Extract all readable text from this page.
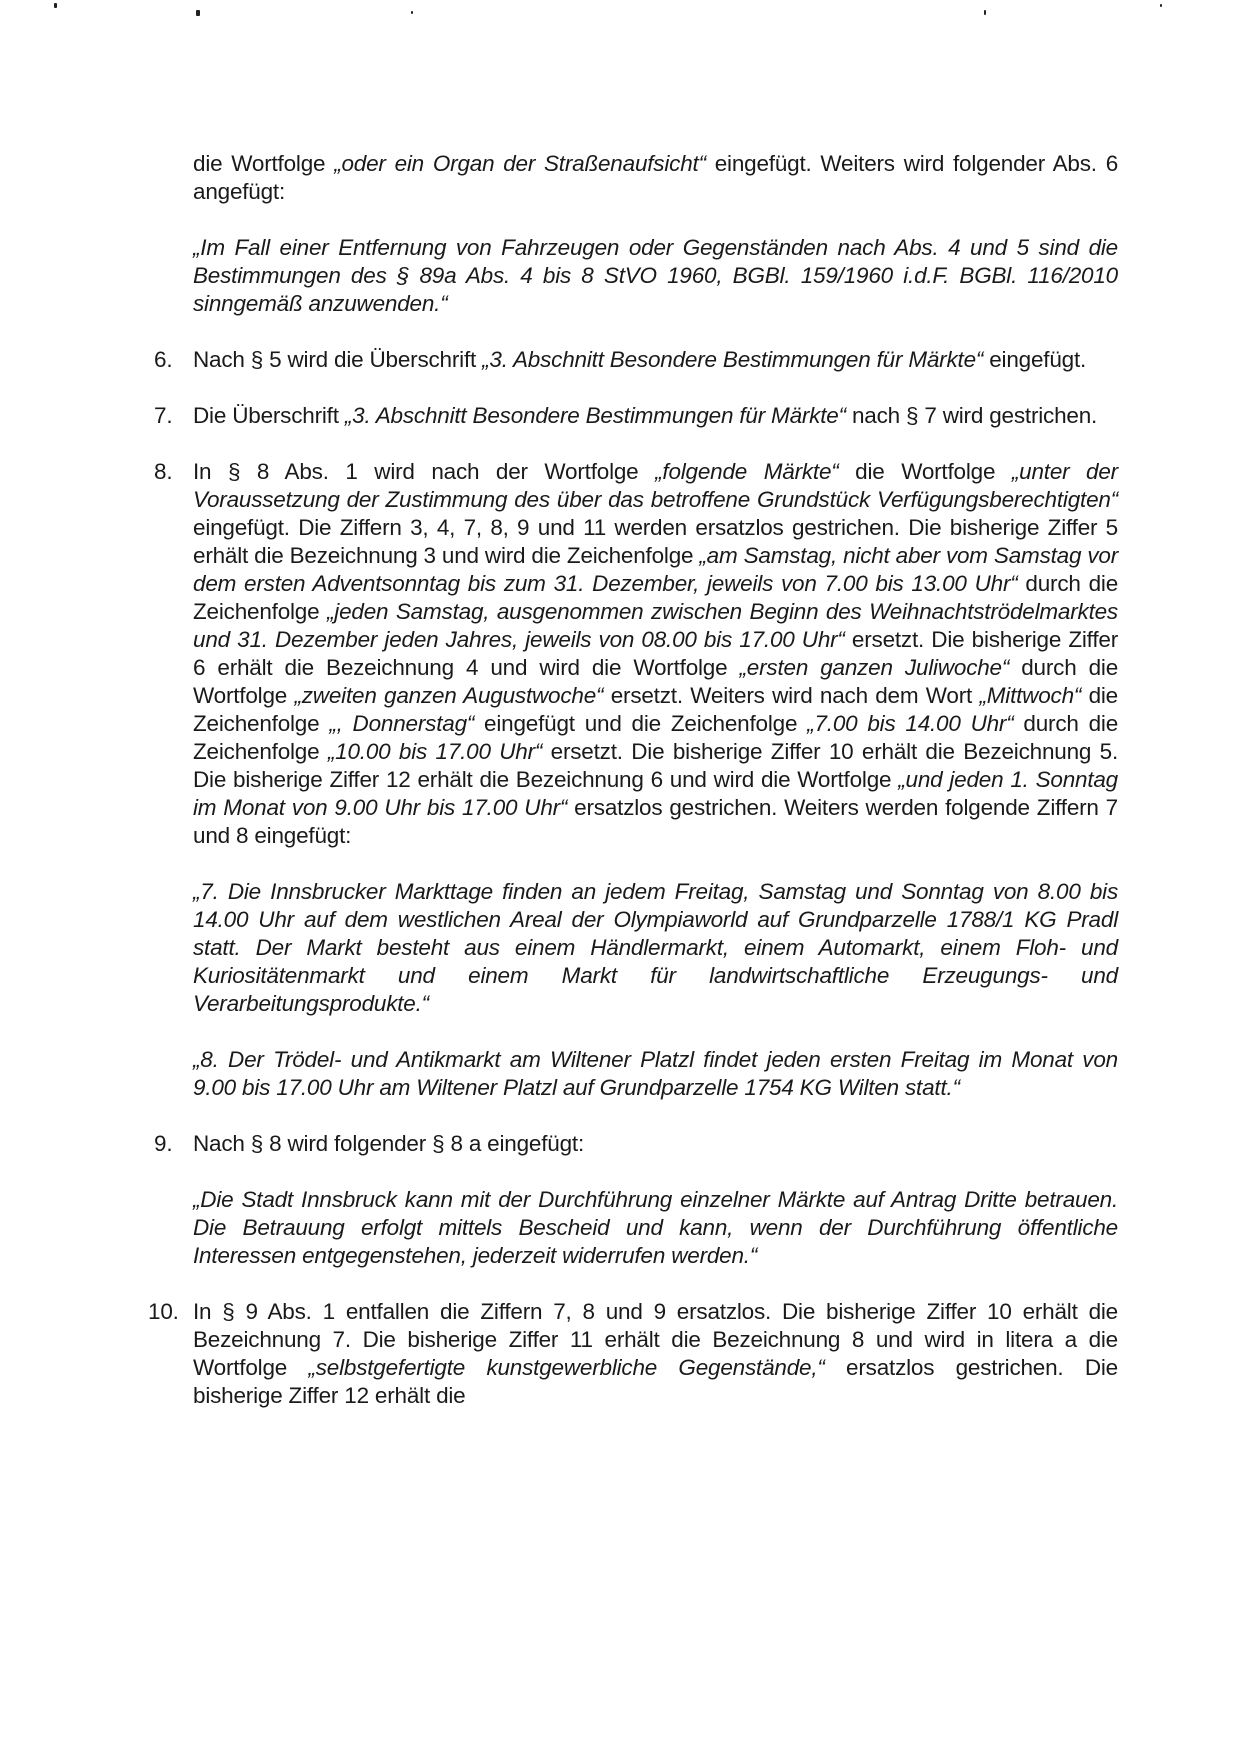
die Wortfolge „oder ein Organ der Straßenaufsicht“ eingefügt. Weiters wird folgender Abs. 6 angefügt:

„Im Fall einer Entfernung von Fahrzeugen oder Gegenständen nach Abs. 4 und 5 sind die Bestimmungen des § 89a Abs. 4 bis 8 StVO 1960, BGBl. 159/1960 i.d.F. BGBl. 116/2010 sinngemäß anzuwenden.“

6. Nach § 5 wird die Überschrift „3. Abschnitt Besondere Bestimmungen für Märkte“ eingefügt.

7. Die Überschrift „3. Abschnitt Besondere Bestimmungen für Märkte“ nach § 7 wird gestrichen.

8. In § 8 Abs. 1 wird nach der Wortfolge „folgende Märkte“ die Wortfolge „unter der Voraussetzung der Zustimmung des über das betroffene Grundstück Verfügungsberechtigten“ eingefügt. Die Ziffern 3, 4, 7, 8, 9 und 11 werden ersatzlos gestrichen. Die bisherige Ziffer 5 erhält die Bezeichnung 3 und wird die Zeichenfolge „am Samstag, nicht aber vom Samstag vor dem ersten Adventsonntag bis zum 31. Dezember, jeweils von 7.00 bis 13.00 Uhr“ durch die Zeichenfolge „jeden Samstag, ausgenommen zwischen Beginn des Weihnachtströdelmarktes und 31. Dezember jeden Jahres, jeweils von 08.00 bis 17.00 Uhr“ ersetzt. Die bisherige Ziffer 6 erhält die Bezeichnung 4 und wird die Wortfolge „ersten ganzen Juliwoche“ durch die Wortfolge „zweiten ganzen Augustwoche“ ersetzt. Weiters wird nach dem Wort „Mittwoch“ die Zeichenfolge „, Donnerstag“ eingefügt und die Zeichenfolge „7.00 bis 14.00 Uhr“ durch die Zeichenfolge „10.00 bis 17.00 Uhr“ ersetzt. Die bisherige Ziffer 10 erhält die Bezeichnung 5. Die bisherige Ziffer 12 erhält die Bezeichnung 6 und wird die Wortfolge „und jeden 1. Sonntag im Monat von 9.00 Uhr bis 17.00 Uhr“ ersatzlos gestrichen. Weiters werden folgende Ziffern 7 und 8 eingefügt:

„7. Die Innsbrucker Markttage finden an jedem Freitag, Samstag und Sonntag von 8.00 bis 14.00 Uhr auf dem westlichen Areal der Olympiaworld auf Grundparzelle 1788/1 KG Pradl statt. Der Markt besteht aus einem Händlermarkt, einem Automarkt, einem Floh- und Kuriositätenmarkt und einem Markt für landwirtschaftliche Erzeugungs- und Verarbeitungsprodukte.“

„8. Der Trödel- und Antikmarkt am Wiltener Platzl findet jeden ersten Freitag im Monat von 9.00 bis 17.00 Uhr am Wiltener Platzl auf Grundparzelle 1754 KG Wilten statt.“

9. Nach § 8 wird folgender § 8 a eingefügt:

„Die Stadt Innsbruck kann mit der Durchführung einzelner Märkte auf Antrag Dritte betrauen. Die Betrauung erfolgt mittels Bescheid und kann, wenn der Durchführung öffentliche Interessen entgegenstehen, jederzeit widerrufen werden.“

10. In § 9 Abs. 1 entfallen die Ziffern 7, 8 und 9 ersatzlos. Die bisherige Ziffer 10 erhält die Bezeichnung 7. Die bisherige Ziffer 11 erhält die Bezeichnung 8 und wird in litera a die Wortfolge „selbstgefertigte kunstgewerbliche Gegenstände,“ ersatzlos gestrichen. Die bisherige Ziffer 12 erhält die
